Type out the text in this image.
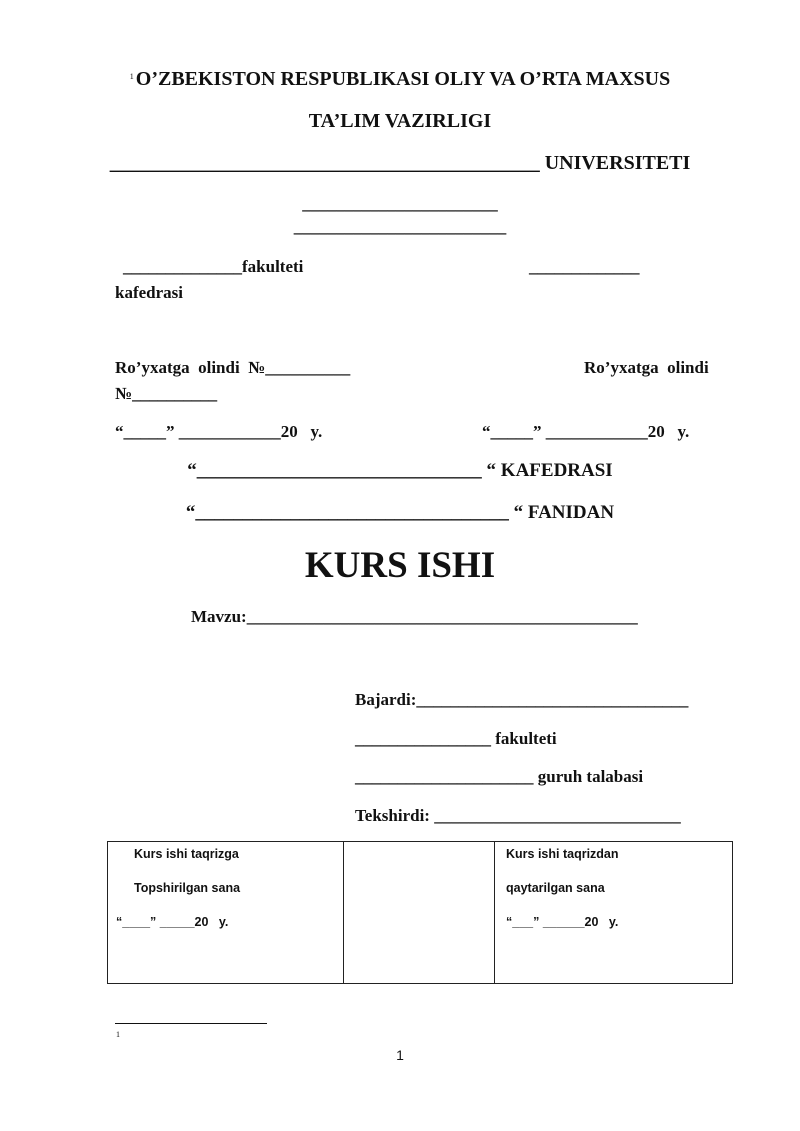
$^1$ O’ZBEKISTON RESPUBLIKASI OLIY VA O’RTA MAXSUS
TA’LIM VAZIRLIGI
___________________________________________ UNIVERSITETI
_______________________
_________________________
______________fakulteti	_____________
kafedrasi
Ro’yxatga  olindi  №__________	Ro’yxatga  olindi
№__________
“_____” ____________20   y.	“_____” ____________20   y.
“______________________________ “ KAFEDRASI
“_________________________________ “ FANIDAN
KURS ISHI
Mavzu:______________________________________________
Bajardi:________________________________
________________ fakulteti
_____________________ guruh talabasi
Tekshirdi: _____________________________
Kurs ishi taqrizga
Topshirilgan sana
“____” _____20   y.

Kurs ishi taqrizdan
qaytarilgan sana
“___” ______20   y.
1
1
